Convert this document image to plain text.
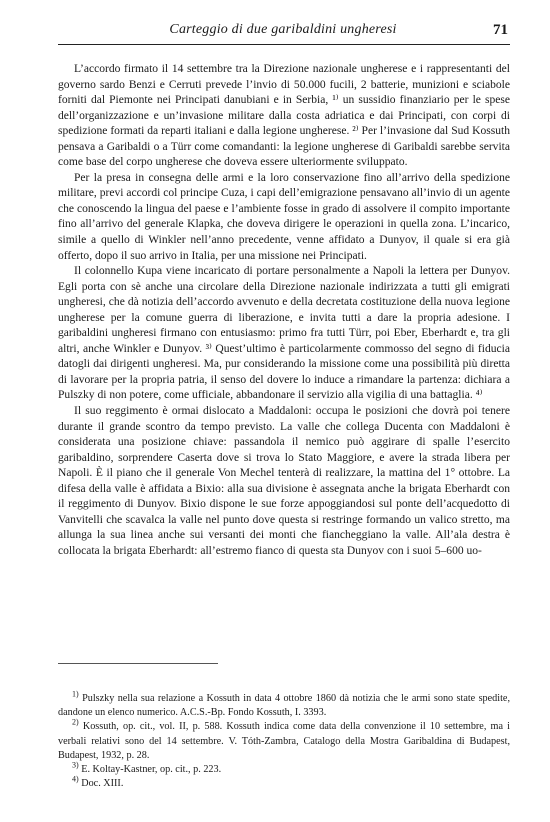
Carteggio di due garibaldini ungheresi	71

L’accordo firmato il 14 settembre tra la Direzione nazionale ungherese e i rappresentanti del governo sardo Benzi e Cerruti prevede l’invio di 50.000 fucili, 2 batterie, munizioni e sciabole forniti dal Piemonte nei Principati danubiani e in Serbia, ¹⁾ un sussidio finanziario per le spese dell’organizzazione e un’invasione militare dalla costa adriatica e dai Principati, con corpi di spedizione formati da reparti italiani e dalla legione ungherese. ²⁾ Per l’invasione dal Sud Kossuth pensava a Garibaldi o a Türr come comandanti: la legione ungherese di Garibaldi sarebbe servita come base del corpo ungherese che doveva essere ulteriormente sviluppato.

Per la presa in consegna delle armi e la loro conservazione fino all’arrivo della spedizione militare, previ accordi col principe Cuza, i capi dell’emigrazione pensavano all’invio di un agente che conoscendo la lingua del paese e l’ambiente fosse in grado di assolvere il compito importante fino all’arrivo del generale Klapka, che doveva dirigere le operazioni in quella zona. L’incarico, simile a quello di Winkler nell’anno precedente, venne affidato a Dunyov, il quale si era già offerto, dopo il suo arrivo in Italia, per una missione nei Principati.

Il colonnello Kupa viene incaricato di portare personalmente a Napoli la lettera per Dunyov. Egli porta con sè anche una circolare della Direzione nazionale indirizzata a tutti gli emigrati ungheresi, che dà notizia dell’accordo avvenuto e della decretata costituzione della nuova legione ungherese per la comune guerra di liberazione, e invita tutti a dare la propria adesione. I garibaldini ungheresi firmano con entusiasmo: primo fra tutti Türr, poi Eber, Eberhardt e, tra gli altri, anche Winkler e Dunyov. ³⁾ Quest’ultimo è particolarmente commosso del segno di fiducia datogli dai dirigenti ungheresi. Ma, pur considerando la missione come una possibilità più diretta di lavorare per la propria patria, il senso del dovere lo induce a rimandare la partenza: dichiara a Pulszky di non potere, come ufficiale, abbandonare il servizio alla vigilia di una battaglia. ⁴⁾

Il suo reggimento è ormai dislocato a Maddaloni: occupa le posizioni che dovrà poi tenere durante il grande scontro da tempo previsto. La valle che collega Ducenta con Maddaloni è considerata una posizione chiave: passandola il nemico può aggirare di spalle l’esercito garibaldino, sorprendere Caserta dove si trova lo Stato Maggiore, e avere la strada libera per Napoli. È il piano che il generale Von Mechel tenterà di realizzare, la mattina del 1° ottobre. La difesa della valle è affidata a Bixio: alla sua divisione è assegnata anche la brigata Eberhardt con il reggimento di Dunyov. Bixio dispone le sue forze appoggiandosi sul ponte dell’acquedotto di Vanvitelli che scavalca la valle nel punto dove questa si restringe formando un valico stretto, ma allunga la sua linea anche sui versanti dei monti che fiancheggiano la valle. All’ala destra è collocata la brigata Eberhardt: all’estremo fianco di questa sta Dunyov con i suoi 5–600 uo-

$^{1)}$ Pulszky nella sua relazione a Kossuth in data 4 ottobre 1860 dà notizia che le armi sono state spedite, dandone un elenco numerico. A.C.S.-Bp. Fondo Kossuth, I. 3393.

$^{2)}$ Kossuth, op. cit., vol. II, p. 588. Kossuth indica come data della convenzione il 10 settembre, ma i verbali relativi sono del 14 settembre. V. Tóth-Zambra, Catalogo della Mostra Garibaldina di Budapest, Budapest, 1932, p. 28.

$^{3)}$ E. Koltay-Kastner, op. cit., p. 223.

$^{4)}$ Doc. XIII.
